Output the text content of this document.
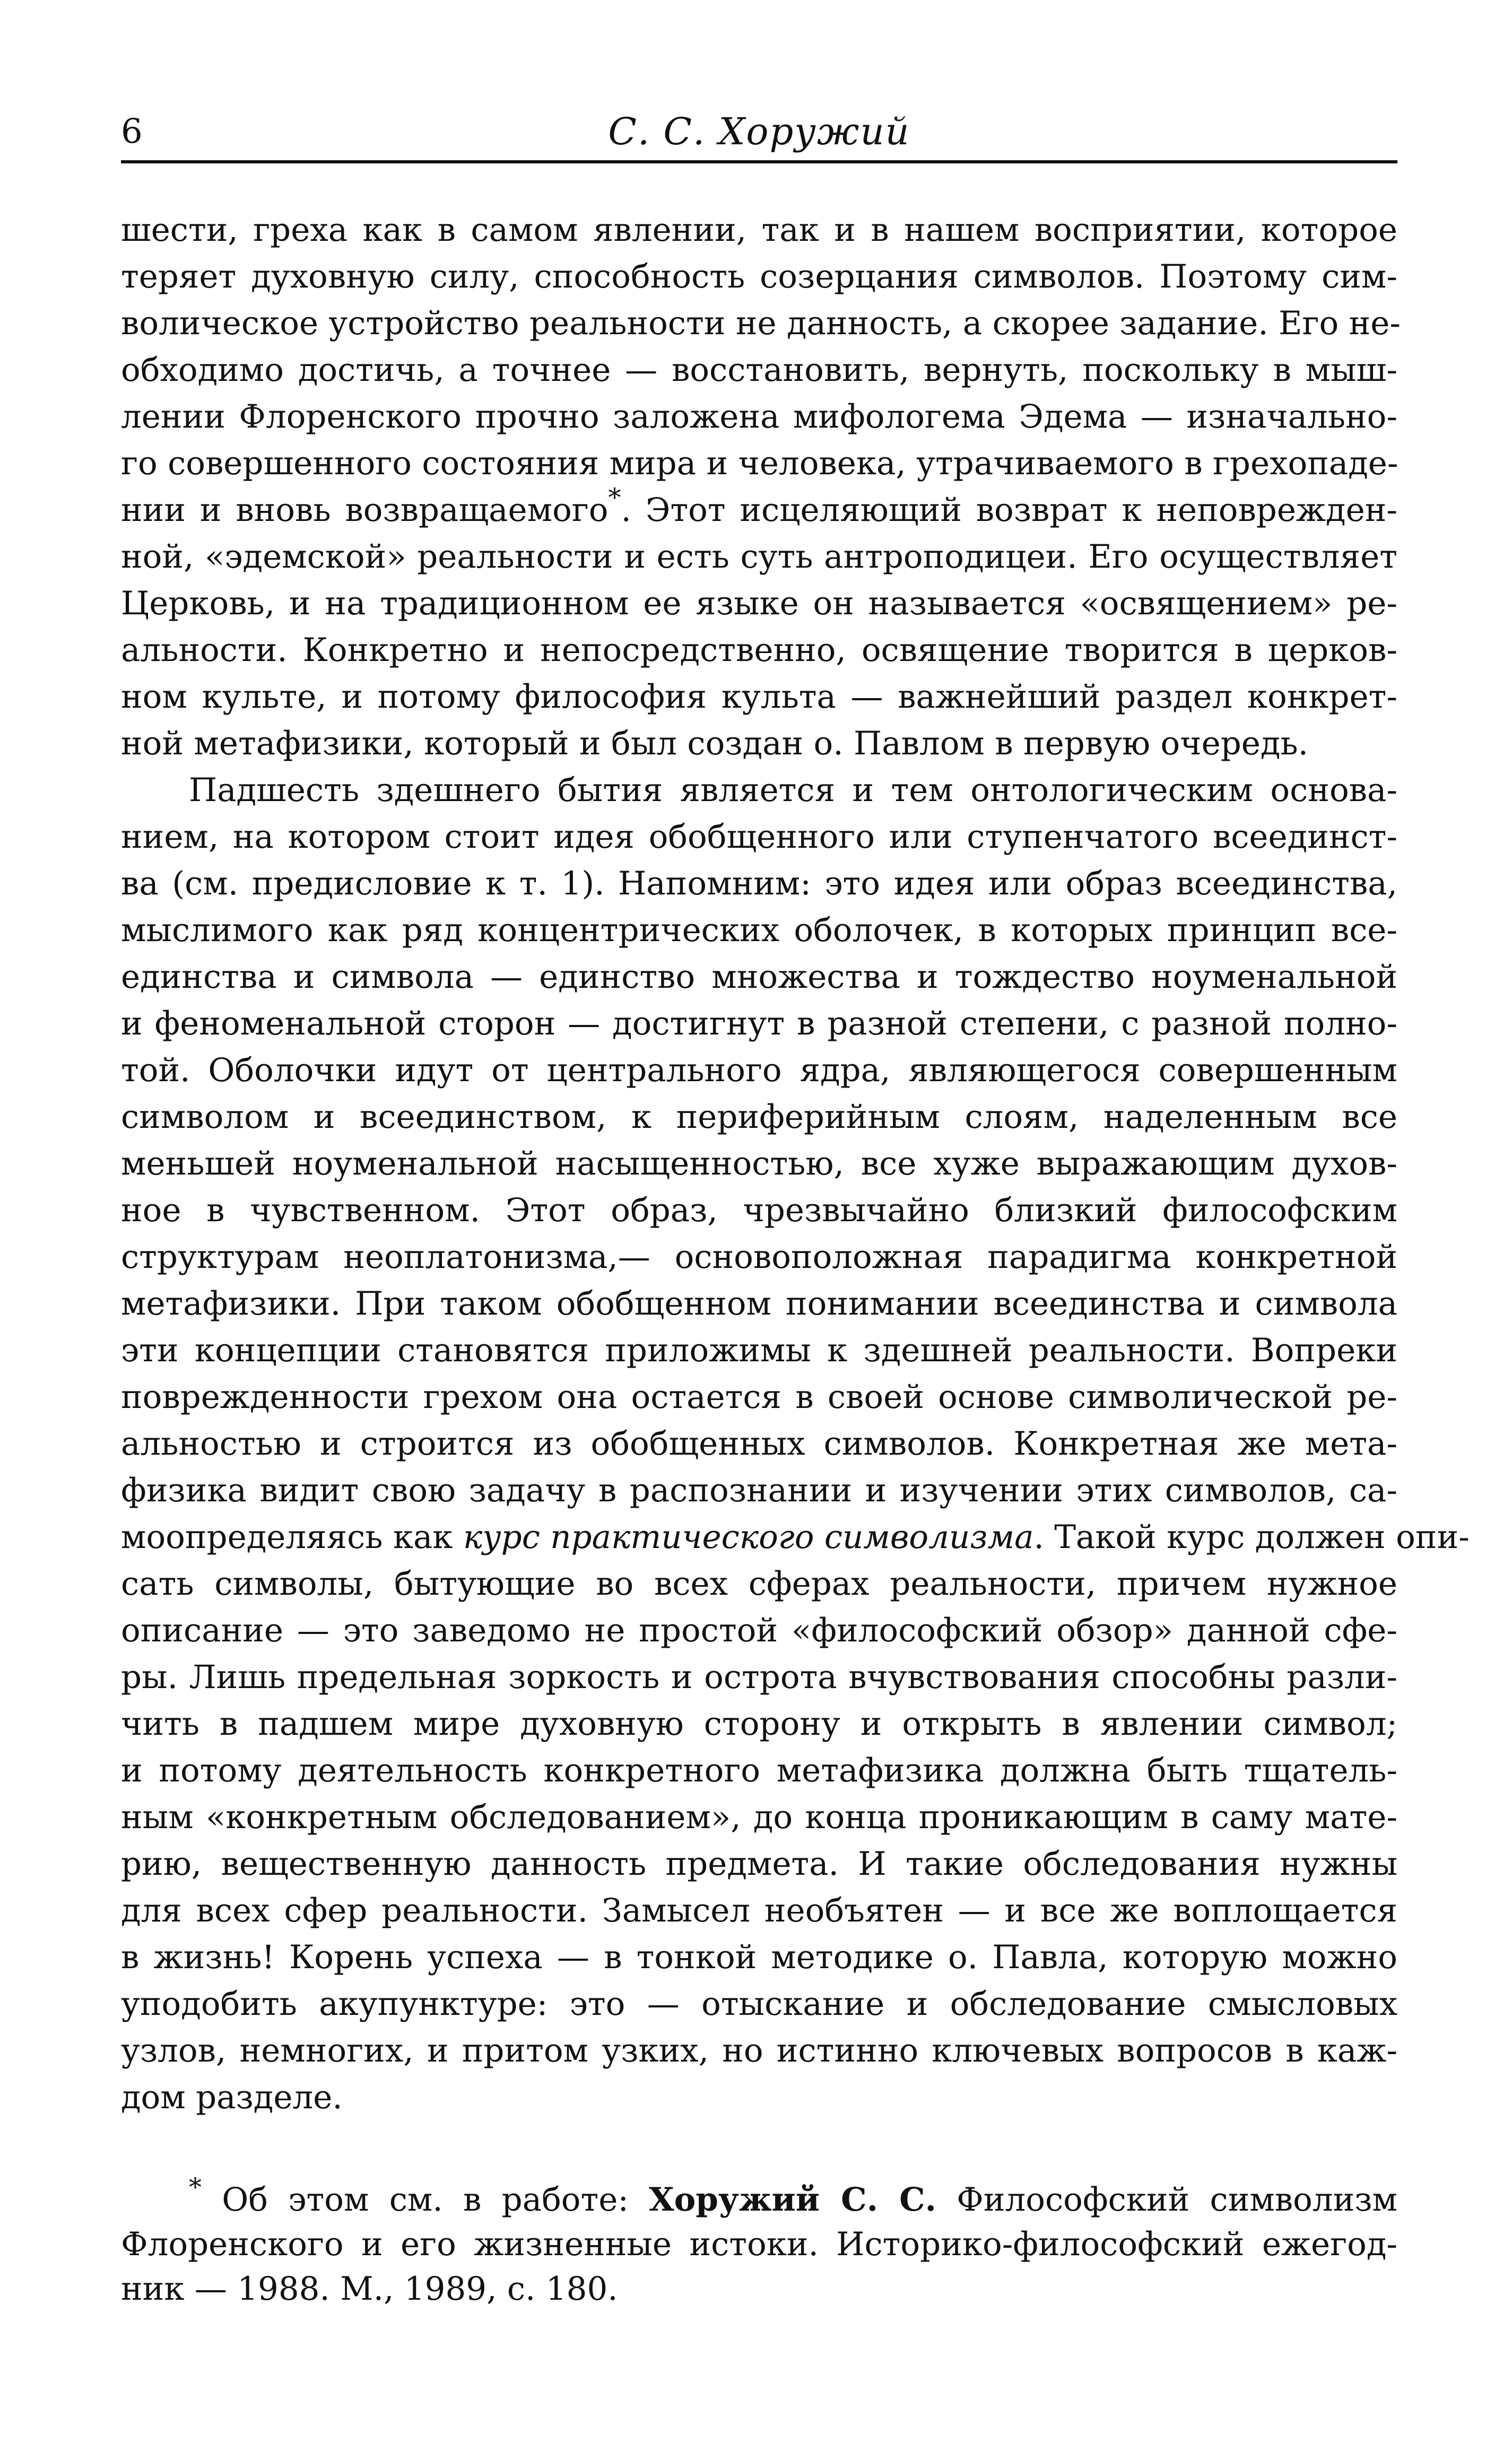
6	С. С. Хоружий
шести, греха как в самом явлении, так и в нашем восприятии, которое
теряет духовную силу, способность созерцания символов. Поэтому сим-
волическое устройство реальности не данность, а скорее задание. Его не-
обходимо достичь, а точнее — восстановить, вернуть, поскольку в мыш-
лении Флоренского прочно заложена мифологема Эдема — изначально-
го совершенного состояния мира и человека, утрачиваемого в грехопаде-
нии и вновь возвращаемого*. Этот исцеляющий возврат к неповрежден-
ной, «эдемской» реальности и есть суть антроподицеи. Его осуществляет
Церковь, и на традиционном ее языке он называется «освящением» ре-
альности. Конкретно и непосредственно, освящение творится в церков-
ном культе, и потому философия культа — важнейший раздел конкрет-
ной метафизики, который и был создан о. Павлом в первую очередь.
Падшесть здешнего бытия является и тем онтологическим основа-
нием, на котором стоит идея обобщенного или ступенчатого всеединст-
ва (см. предисловие к т. 1). Напомним: это идея или образ всеединства,
мыслимого как ряд концентрических оболочек, в которых принцип все-
единства и символа — единство множества и тождество ноуменальной
и феноменальной сторон — достигнут в разной степени, с разной полно-
той. Оболочки идут от центрального ядра, являющегося совершенным
символом и всеединством, к периферийным слоям, наделенным все
меньшей ноуменальной насыщенностью, все хуже выражающим духов-
ное в чувственном. Этот образ, чрезвычайно близкий философским
структурам неоплатонизма,— основоположная парадигма конкретной
метафизики. При таком обобщенном понимании всеединства и символа
эти концепции становятся приложимы к здешней реальности. Вопреки
поврежденности грехом она остается в своей основе символической ре-
альностью и строится из обобщенных символов. Конкретная же мета-
физика видит свою задачу в распознании и изучении этих символов, са-
моопределяясь как курс практического символизма. Такой курс должен опи-
сать символы, бытующие во всех сферах реальности, причем нужное
описание — это заведомо не простой «философский обзор» данной сфе-
ры. Лишь предельная зоркость и острота вчувствования способны разли-
чить в падшем мире духовную сторону и открыть в явлении символ;
и потому деятельность конкретного метафизика должна быть тщатель-
ным «конкретным обследованием», до конца проникающим в саму мате-
рию, вещественную данность предмета. И такие обследования нужны
для всех сфер реальности. Замысел необъятен — и все же воплощается
в жизнь! Корень успеха — в тонкой методике о. Павла, которую можно
уподобить акупунктуре: это — отыскание и обследование смысловых
узлов, немногих, и притом узких, но истинно ключевых вопросов в каж-
дом разделе.
* Об этом см. в работе: Хоружий С. С. Философский символизм
Флоренского и его жизненные истоки. Историко-философский ежегод-
ник — 1988. М., 1989, с. 180.
